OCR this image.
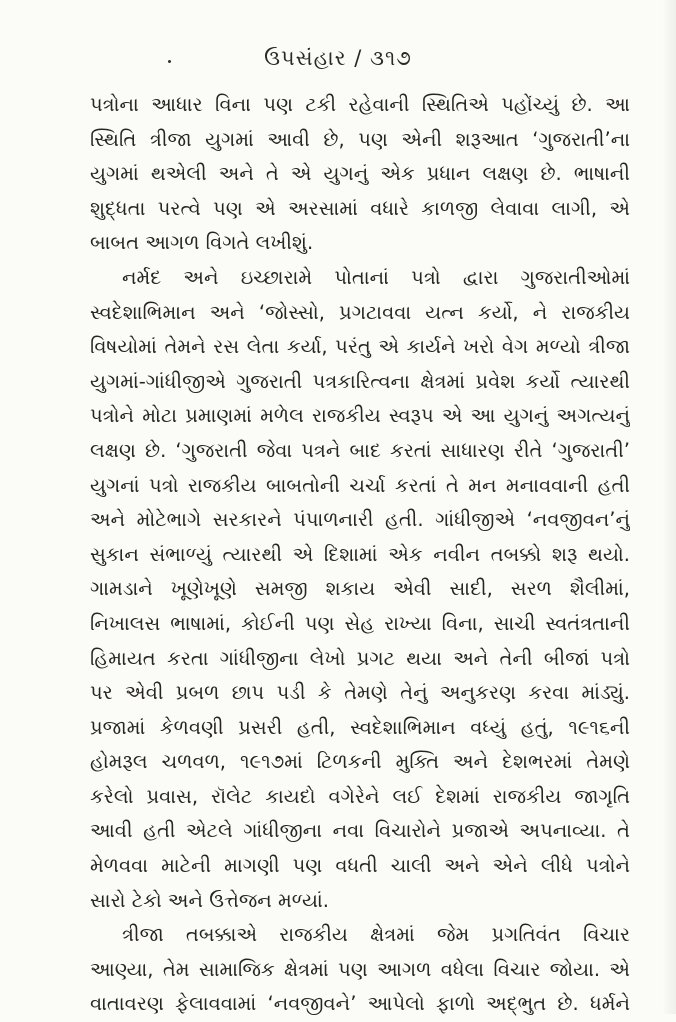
ઉપસંહાર / ૩૧૭
પત્રોના આધાર વિના પણ ટકી રહેવાની સ્થિતિએ પહોંચ્યું છે. આ
સ્થિતિ ત્રીજા યુગમાં આવી છે, પણ એની શરૂઆત ‘ગુજરાતી’ના
યુગમાં થએલી અને તે એ યુગનું એક પ્રધાન લક્ષણ છે. ભાષાની
શુદ્ધતા પરત્વે પણ એ અરસામાં વધારે કાળજી લેવાવા લાગી, એ
બાબત આગળ વિગતે લખીશું.
નર્મદ અને ઇચ્છારામે પોતાનાં પત્રો દ્વારા ગુજરાતીઓમાં
સ્વદેશાભિમાન અને ‘જોસ્સો, પ્રગટાવવા યત્ન કર્યો, ને રાજકીય
વિષયોમાં તેમને રસ લેતા કર્યા, પરંતુ એ કાર્યને ખરો વેગ મળ્યો ત્રીજા
યુગમાં-ગાંધીજીએ ગુજરાતી પત્રકારિત્વના ક્ષેત્રમાં પ્રવેશ કર્યો ત્યારથી
પત્રોને મોટા પ્રમાણમાં મળેલ રાજકીય સ્વરૂપ એ આ યુગનું અગત્યનું
લક્ષણ છે. ‘ગુજરાતી જેવા પત્રને બાદ કરતાં સાધારણ રીતે ‘ગુજરાતી’
યુગનાં પત્રો રાજકીય બાબતોની ચર્ચા કરતાં તે મન મનાવવાની હતી
અને મોટેભાગે સરકારને પંપાળનારી હતી. ગાંધીજીએ ‘નવજીવન’નું
સુકાન સંભાળ્યું ત્યારથી એ દિશામાં એક નવીન તબક્કો શરૂ થયો.
ગામડાને ખૂણેખૂણે સમજી શકાય એવી સાદી, સરળ શૈલીમાં,
નિખાલસ ભાષામાં, કોઈની પણ સેહ રાખ્યા વિના, સાચી સ્વતંત્રતાની
હિમાયત કરતા ગાંધીજીના લેખો પ્રગટ થયા અને તેની બીજાં પત્રો
પર એવી પ્રબળ છાપ પડી કે તેમણે તેનું અનુકરણ કરવા માંડ્યું.
પ્રજામાં કેળવણી પ્રસરી હતી, સ્વદેશાભિમાન વધ્યું હતું, ૧૯૧૬ની
હોમરૂલ ચળવળ, ૧૯૧૭માં ટિળકની મુક્તિ અને દેશભરમાં તેમણે
કરેલો પ્રવાસ, રૉલેટ કાયદો વગેરેને લઈ દેશમાં રાજકીય જાગૃતિ
આવી હતી એટલે ગાંધીજીના નવા વિચારોને પ્રજાએ અપનાવ્યા. તે
મેળવવા માટેની માગણી પણ વધતી ચાલી અને એને લીધે પત્રોને
સારો ટેકો અને ઉત્તેજન મળ્યાં.
ત્રીજા તબક્કાએ રાજકીય ક્ષેત્રમાં જેમ પ્રગતિવંત વિચાર
આણ્યા, તેમ સામાજિક ક્ષેત્રમાં પણ આગળ વધેલા વિચાર જોયા. એ
વાતાવરણ ફેલાવવામાં ‘નવજીવને’ આપેલો ફાળો અદ્‌ભુત છે. ધર્મને
